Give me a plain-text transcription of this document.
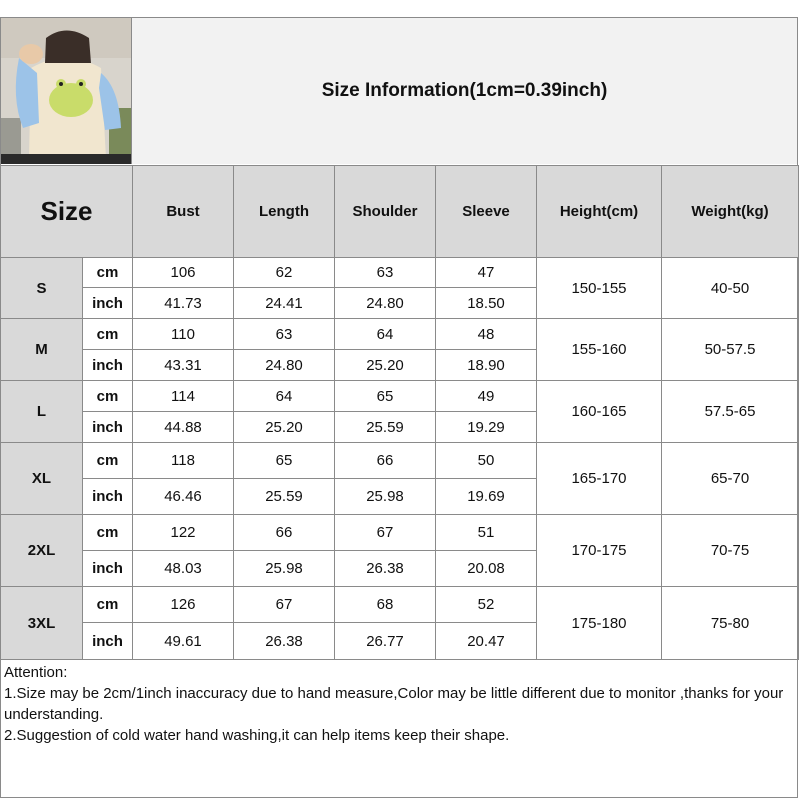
Size Information(1cm=0.39inch)
Size		Bust	Length	Shoulder	Sleeve	Height(cm)	Weight(kg)
S	cm	106	62	63	47	150-155	40-50
	inch	41.73	24.41	24.80	18.50		
M	cm	110	63	64	48	155-160	50-57.5
	inch	43.31	24.80	25.20	18.90		
L	cm	114	64	65	49	160-165	57.5-65
	inch	44.88	25.20	25.59	19.29		
XL	cm	118	65	66	50	165-170	65-70
	inch	46.46	25.59	25.98	19.69		
2XL	cm	122	66	67	51	170-175	70-75
	inch	48.03	25.98	26.38	20.08		
3XL	cm	126	67	68	52	175-180	75-80
	inch	49.61	26.38	26.77	20.47		
Attention:
1.Size may be 2cm/1inch inaccuracy due to hand measure,Color may be little different due to monitor ,thanks for your understanding.
2.Suggestion of cold water hand washing,it can help items keep their shape.
